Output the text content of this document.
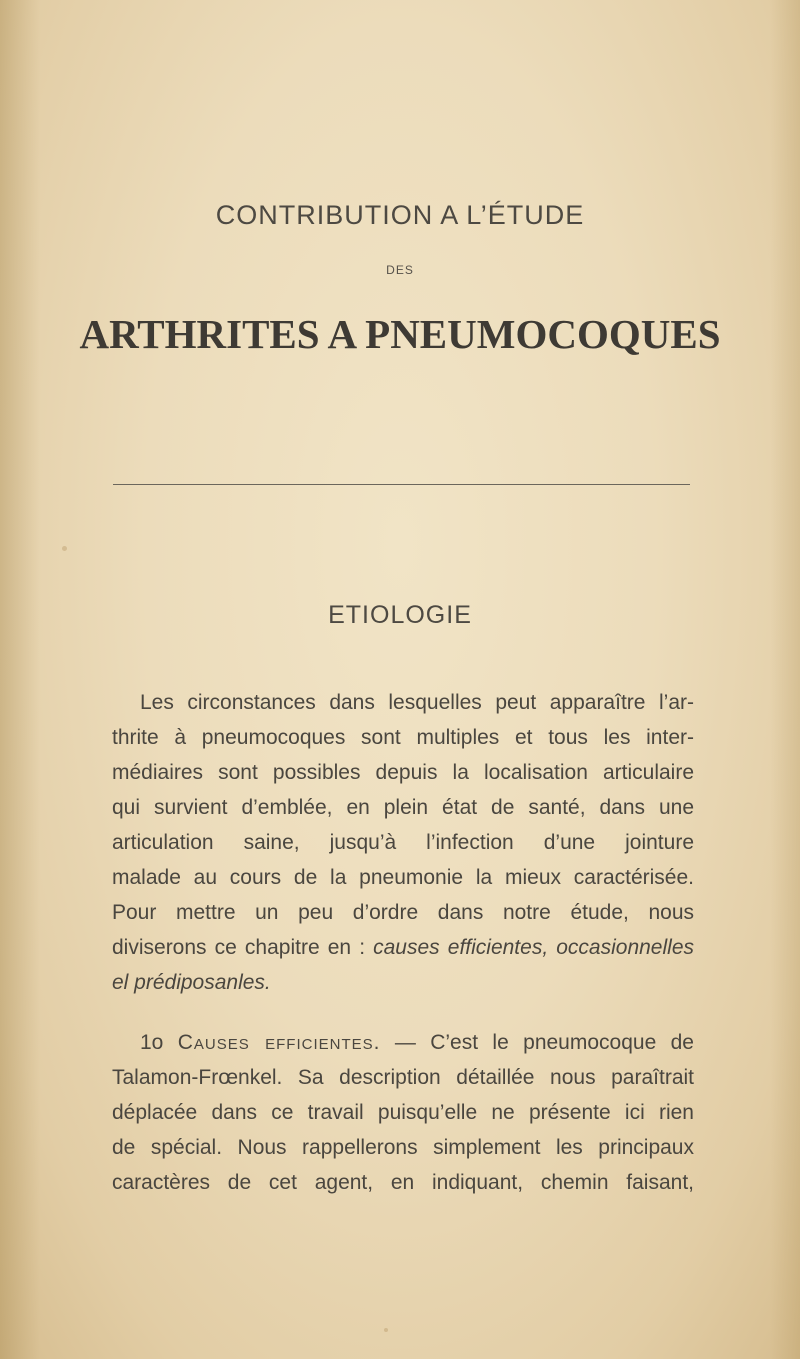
CONTRIBUTION A L’ÉTUDE
DES
ARTHRITES A PNEUMOCOQUES
ETIOLOGIE
Les circonstances dans lesquelles peut apparaître l’ar-
thrite à pneumocoques sont multiples et tous les inter-
médiaires sont possibles depuis la localisation articulaire
qui survient d’emblée, en plein état de santé, dans une
articulation saine, jusqu’à l’infection d’une jointure
malade au cours de la pneumonie la mieux caractérisée.
Pour mettre un peu d’ordre dans notre étude, nous
diviserons ce chapitre en : causes efficientes, occasionnelles
el prédiposanles.
1o Causes efficientes. — C’est le pneumocoque de
Talamon-Frœnkel. Sa description détaillée nous paraîtrait
déplacée dans ce travail puisqu’elle ne présente ici rien
de spécial. Nous rappellerons simplement les principaux
caractères de cet agent, en indiquant, chemin faisant,
